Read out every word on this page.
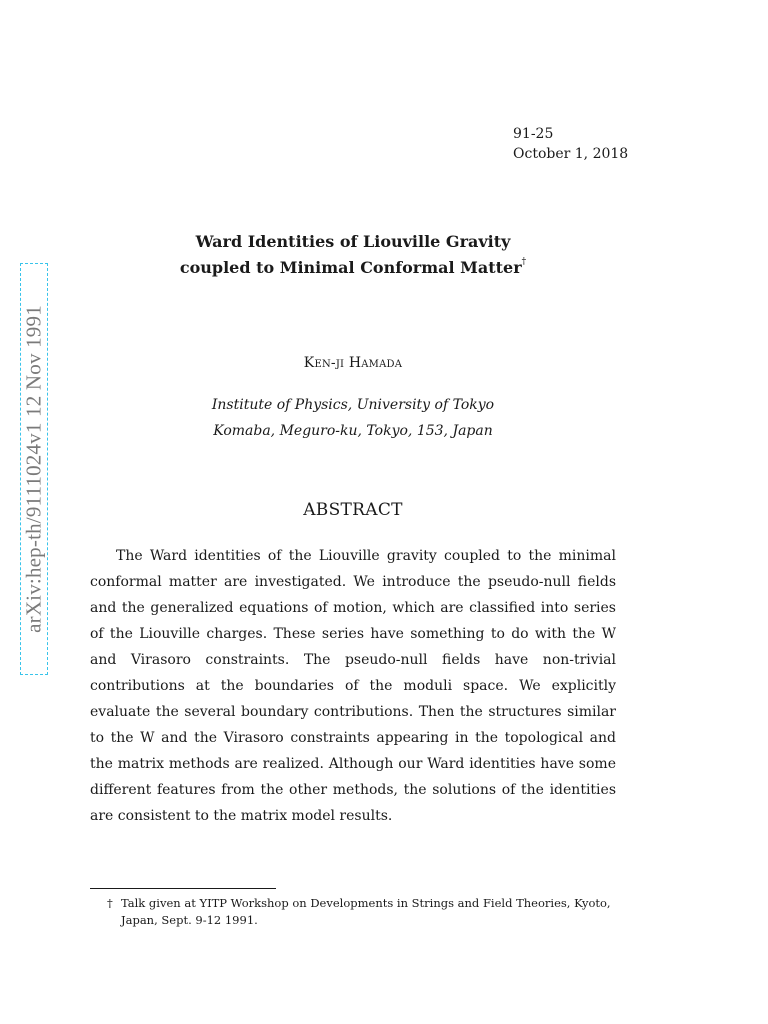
91-25
October 1, 2018
Ward Identities of Liouville Gravity
coupled to Minimal Conformal Matter†
Ken-ji Hamada
Institute of Physics, University of Tokyo
Komaba, Meguro-ku, Tokyo, 153, Japan
ABSTRACT

The Ward identities of the Liouville gravity coupled to the minimal conformal matter are investigated. We introduce the pseudo-null fields and the generalized equations of motion, which are classified into series of the Liouville charges. These series have something to do with the W and Virasoro constraints. The pseudo-null fields have non-trivial contributions at the boundaries of the moduli space. We explicitly evaluate the several boundary contributions. Then the structures similar to the W and the Virasoro constraints appearing in the topological and the matrix methods are realized. Although our Ward identities have some different features from the other methods, the solutions of the identities are consistent to the matrix model results.

† Talk given at YITP Workshop on Developments in Strings and Field Theories, Kyoto,
Japan, Sept. 9-12 1991.
arXiv:hep-th/9111024v1 12 Nov 1991
